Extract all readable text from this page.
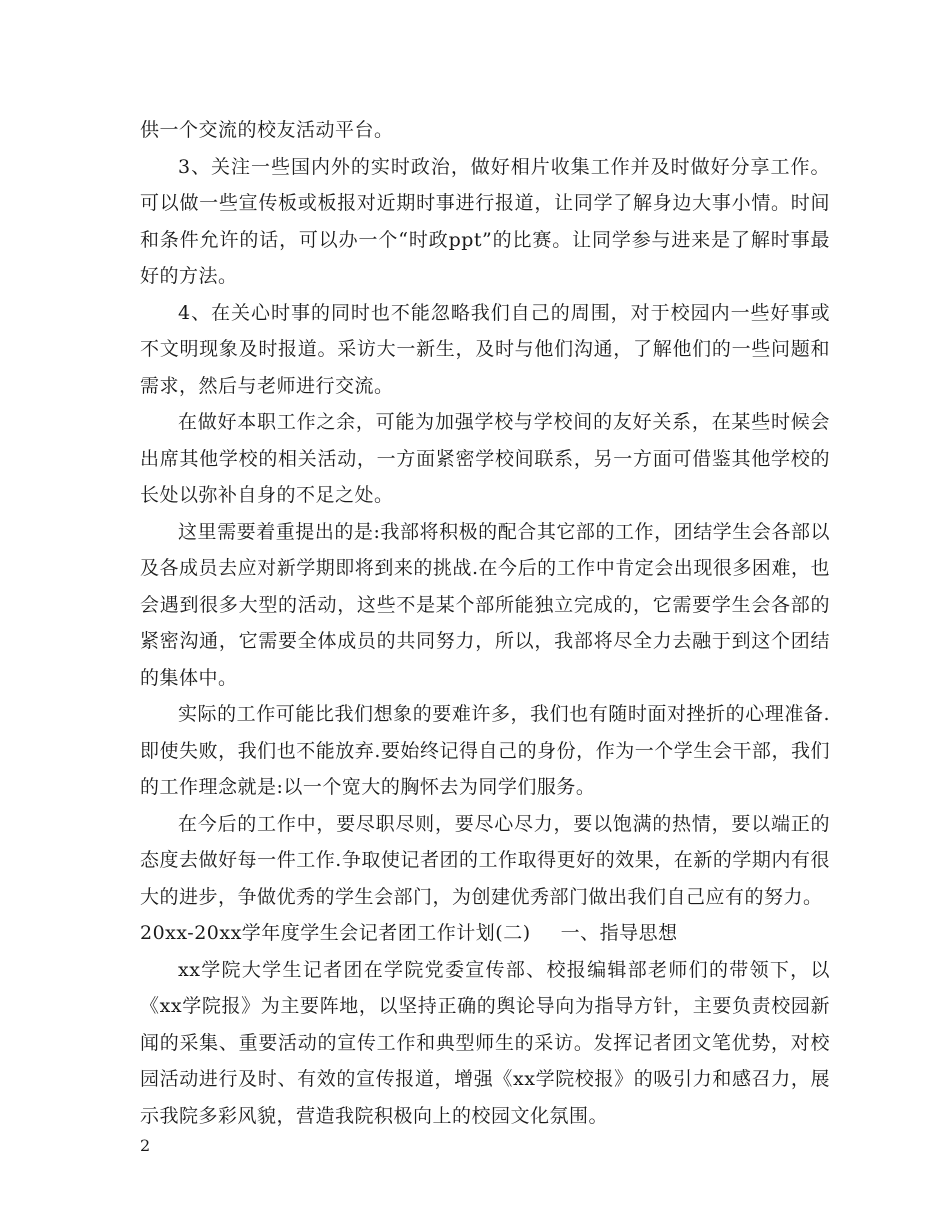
供一个交流的校友活动平台。

3、关注一些国内外的实时政治，做好相片收集工作并及时做好分享工作。可以做一些宣传板或板报对近期时事进行报道，让同学了解身边大事小情。时间和条件允许的话，可以办一个“时政ppt”的比赛。让同学参与进来是了解时事最好的方法。

4、在关心时事的同时也不能忽略我们自己的周围，对于校园内一些好事或不文明现象及时报道。采访大一新生，及时与他们沟通，了解他们的一些问题和需求，然后与老师进行交流。

在做好本职工作之余，可能为加强学校与学校间的友好关系，在某些时候会出席其他学校的相关活动，一方面紧密学校间联系，另一方面可借鉴其他学校的长处以弥补自身的不足之处。

这里需要着重提出的是:我部将积极的配合其它部的工作，团结学生会各部以及各成员去应对新学期即将到来的挑战.在今后的工作中肯定会出现很多困难，也会遇到很多大型的活动，这些不是某个部所能独立完成的，它需要学生会各部的紧密沟通，它需要全体成员的共同努力，所以，我部将尽全力去融于到这个团结的集体中。

实际的工作可能比我们想象的要难许多，我们也有随时面对挫折的心理准备.即使失败，我们也不能放弃.要始终记得自己的身份，作为一个学生会干部，我们的工作理念就是:以一个宽大的胸怀去为同学们服务。

在今后的工作中，要尽职尽则，要尽心尽力，要以饱满的热情，要以端正的态度去做好每一件工作.争取使记者团的工作取得更好的效果，在新的学期内有很大的进步，争做优秀的学生会部门，为创建优秀部门做出我们自己应有的努力。

20xx-20xx学年度学生会记者团工作计划(二) 一、指导思想

xx学院大学生记者团在学院党委宣传部、校报编辑部老师们的带领下，以《xx学院报》为主要阵地，以坚持正确的舆论导向为指导方针，主要负责校园新闻的采集、重要活动的宣传工作和典型师生的采访。发挥记者团文笔优势，对校园活动进行及时、有效的宣传报道，增强《xx学院校报》的吸引力和感召力，展示我院多彩风貌，营造我院积极向上的校园文化氛围。

2
